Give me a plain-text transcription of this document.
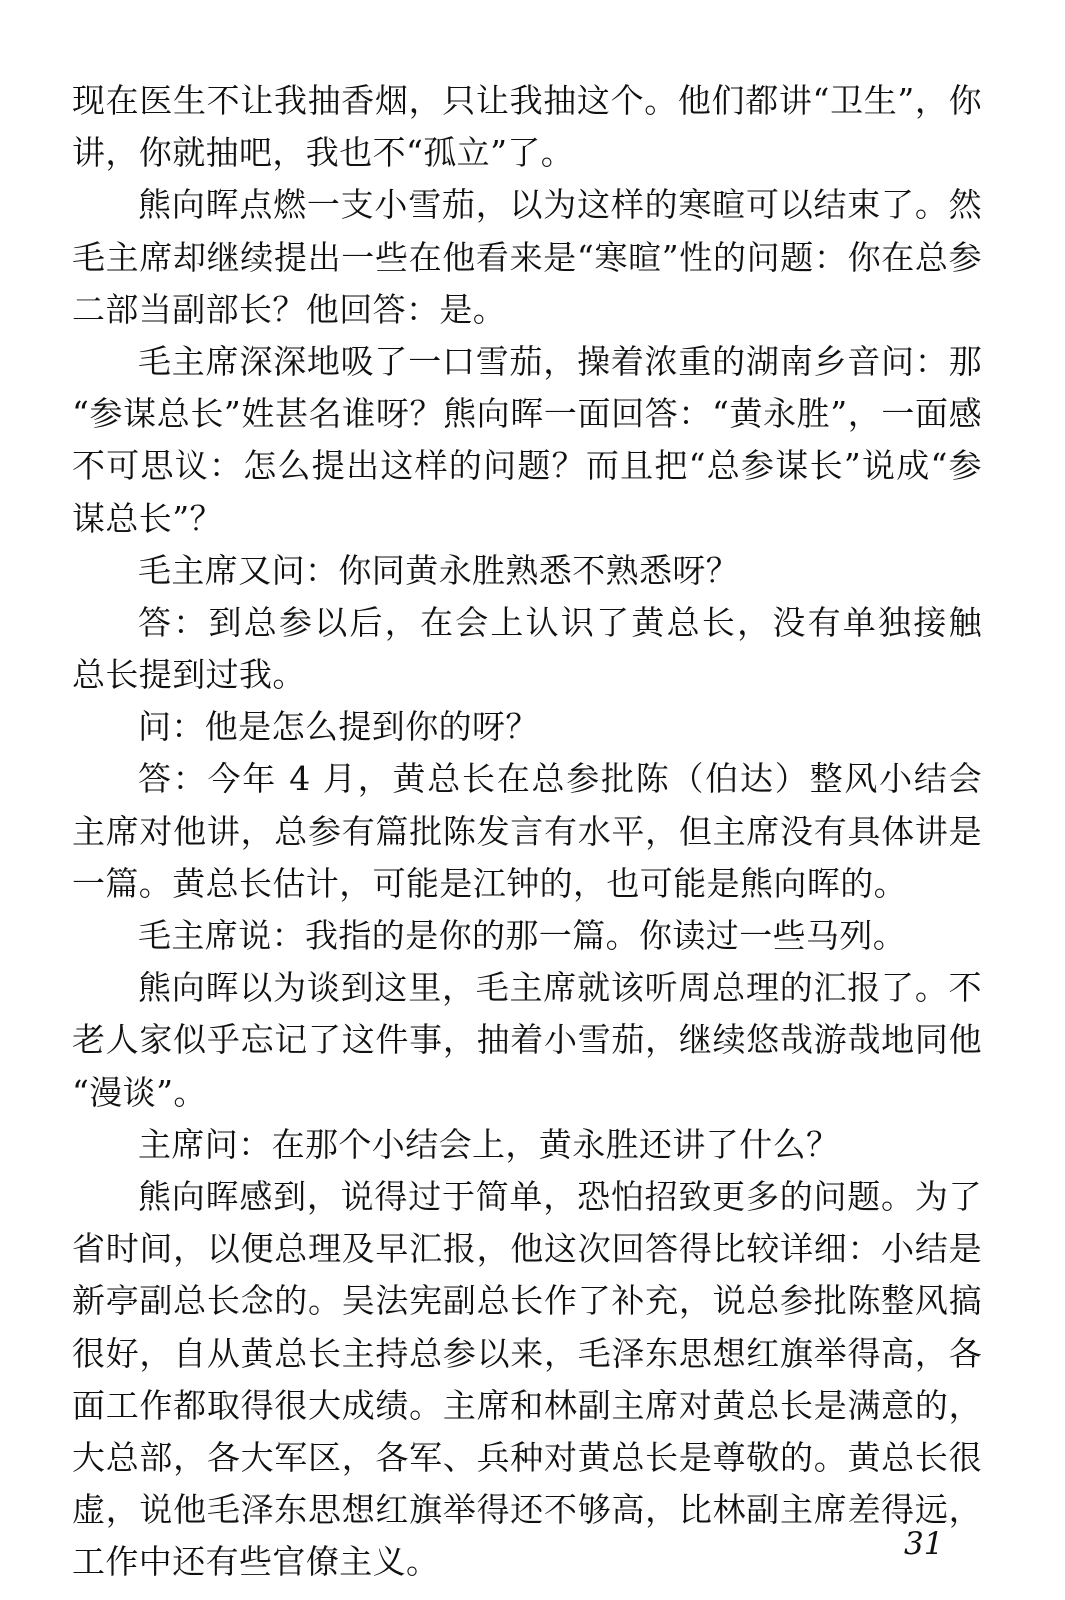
现在医生不让我抽香烟，只让我抽这个。他们都讲“卫生”，你
讲，你就抽吧，我也不“孤立”了。
熊向晖点燃一支小雪茄，以为这样的寒暄可以结束了。然
毛主席却继续提出一些在他看来是“寒暄”性的问题：你在总参
二部当副部长？他回答：是。
毛主席深深地吸了一口雪茄，操着浓重的湖南乡音问：那
“参谋总长”姓甚名谁呀？熊向晖一面回答：“黄永胜”，一面感
不可思议：怎么提出这样的问题？而且把“总参谋长”说成“参
谋总长”？
毛主席又问：你同黄永胜熟悉不熟悉呀？
答：到总参以后，在会上认识了黄总长，没有单独接触
总长提到过我。
问：他是怎么提到你的呀？
答：今年 4 月，黄总长在总参批陈（伯达）整风小结会
主席对他讲，总参有篇批陈发言有水平，但主席没有具体讲是
一篇。黄总长估计，可能是江钟的，也可能是熊向晖的。
毛主席说：我指的是你的那一篇。你读过一些马列。
熊向晖以为谈到这里，毛主席就该听周总理的汇报了。不
老人家似乎忘记了这件事，抽着小雪茄，继续悠哉游哉地同他
“漫谈”。
主席问：在那个小结会上，黄永胜还讲了什么？
熊向晖感到，说得过于简单，恐怕招致更多的问题。为了
省时间，以便总理及早汇报，他这次回答得比较详细：小结是
新亭副总长念的。吴法宪副总长作了补充，说总参批陈整风搞
很好，自从黄总长主持总参以来，毛泽东思想红旗举得高，各
面工作都取得很大成绩。主席和林副主席对黄总长是满意的，
大总部，各大军区，各军、兵种对黄总长是尊敬的。黄总长很
虚，说他毛泽东思想红旗举得还不够高，比林副主席差得远，
工作中还有些官僚主义。	31
